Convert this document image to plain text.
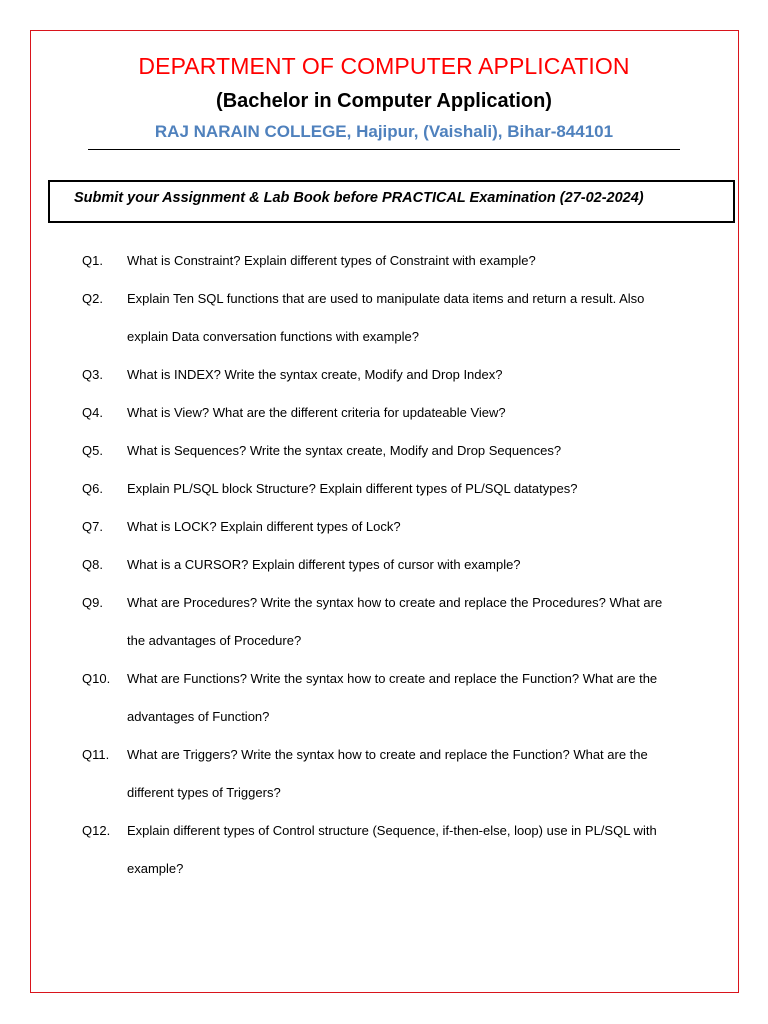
DEPARTMENT OF COMPUTER APPLICATION
(Bachelor in Computer Application)
RAJ NARAIN COLLEGE, Hajipur, (Vaishali), Bihar-844101
Submit your Assignment & Lab Book before PRACTICAL Examination (27-02-2024)
Q1.	What is Constraint? Explain different types of Constraint with example?
Q2.	Explain Ten SQL functions that are used to manipulate data items and return a result. Also
explain Data conversation functions with example?
Q3.	What is INDEX? Write the syntax create, Modify and Drop Index?
Q4.	What is View? What are the different criteria for updateable View?
Q5.	What is Sequences? Write the syntax create, Modify and Drop Sequences?
Q6.	Explain PL/SQL block Structure? Explain different types of PL/SQL datatypes?
Q7.	What is LOCK? Explain different types of Lock?
Q8.	What is a CURSOR? Explain different types of cursor with example?
Q9.	What are Procedures? Write the syntax how to create and replace the Procedures? What are
the advantages of Procedure?
Q10.	What are Functions? Write the syntax how to create and replace the Function? What are the
advantages of Function?
Q11.	What are Triggers? Write the syntax how to create and replace the Function? What are the
different types of Triggers?
Q12.	Explain different types of Control structure (Sequence, if-then-else, loop) use in PL/SQL with
example?
